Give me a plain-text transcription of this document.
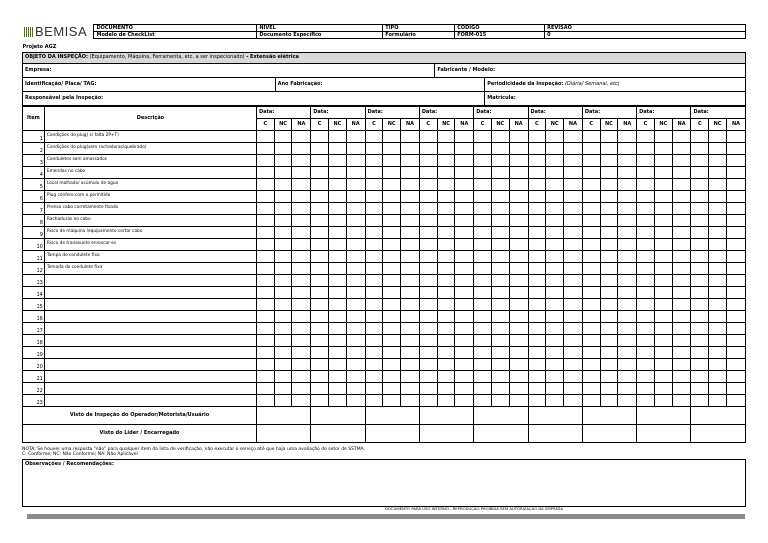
BEMISA	DOCUMENTO	NÍVEL	TIPO	CÓDIGO	REVISÃO
	Modelo de CheckList	Documento Específico	Formulário	FORM-015	0
Projeto AGZ			
OBJETO DA INSPEÇÃO: (Equipamento, Máquina, Ferramenta, etc. a ser inspecionado) - Extensão elétrica			
Empresa:		Fabricante / Modelo:	
Identificação/ Placa/ TAG:	Ano Fabricação:		Periodicidade da Inspeção: (Diária/ Semanal, etc)
Responsável pela Inspeção:			Matrícula:
Item	Descrição	Data:			Data:			Data:			Data:			Data:			Data:			Data:			Data:			Data:		
		C	NC	NA	C	NC	NA	C	NC	NA	C	NC	NA	C	NC	NA	C	NC	NA	C	NC	NA	C	NC	NA	C	NC	NA
1	Condições do plug( s/ falta 2P+T)																											
2	Condições do plug(sem rachaduras/quebrado)																											
3	Conduletes sem amassados																											
4	Emendas no cabo																											
5	Local molhado/ acúmulo de água																											
6	Plug confere com o permitido																											
7	Prensa cabo corretamente fixado																											
8	Rachaduras no cabo																											
9	Risco de máquina /equipamento cortar cabo																											
10	Risco de transeunte enroscar-se																											
11	Tampa do condulete fixa																											
12	Tomada do condulete fixa																											
13																												
14																												
15																												
16																												
17																												
18																												
19																												
20																												
21																												
22																												
23																												
Visto de Inspeção do Operador/Motorista/Usuário																												
Visto do Líder / Encarregado																												
NOTA: Se houver uma resposta "não" para qualquer item da lista de verificação, não executar o serviço até que haja uma avaliação do setor de SSTMA.
C: Conforme; NC: Não Conforme; NA: Não Aplicável
Observações / Recomendações:
DOCUMENTO PARA USO INTERNO - REPRODUÇÃO PROIBIDA SEM AUTORIZAÇÃO DA EMPRESA
